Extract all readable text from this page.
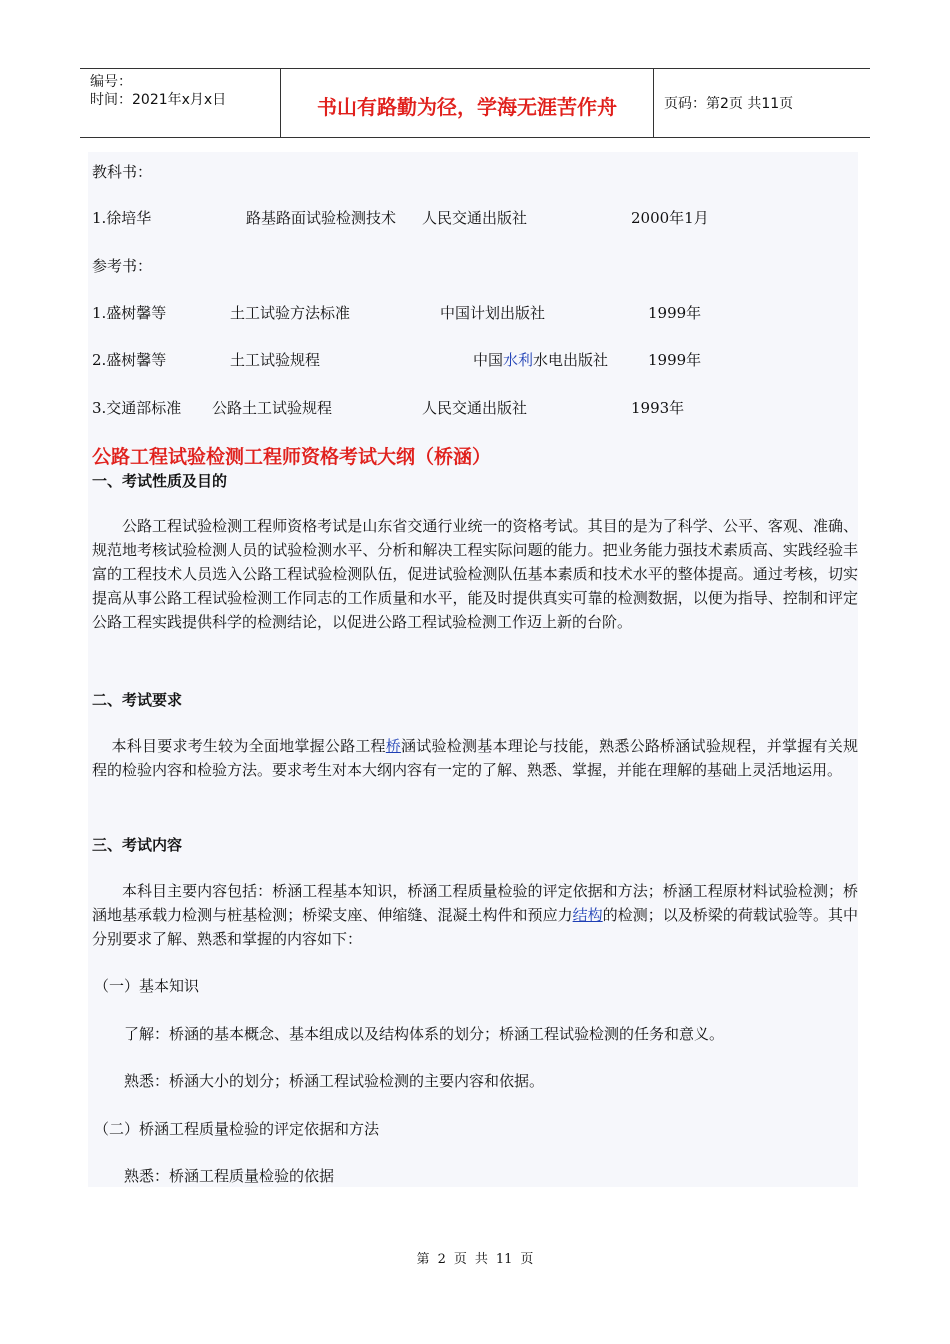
编号：
时间：2021年x月x日	书山有路勤为径，学海无涯苦作舟	页码：第2页 共11页
教科书：
1.徐培华	路基路面试验检测技术 人民交通出版社	2000年1月
参考书：
1.盛树馨等	土工试验方法标准	中国计划出版社	1999年
2.盛树馨等	土工试验规程	中国水利水电出版社	1999年
3.交通部标准 公路土工试验规程	人民交通出版社	1993年
公路工程试验检测工程师资格考试大纲（桥涵）
一、考试性质及目的
公路工程试验检测工程师资格考试是山东省交通行业统一的资格考试。其目的是为了科学、公平、客观、准确、规范地考核试验检测人员的试验检测水平、分析和解决工程实际问题的能力。把业务能力强技术素质高、实践经验丰富的工程技术人员选入公路工程试验检测队伍，促进试验检测队伍基本素质和技术水平的整体提高。通过考核，切实提高从事公路工程试验检测工作同志的工作质量和水平，能及时提供真实可靠的检测数据，以便为指导、控制和评定公路工程实践提供科学的检测结论，以促进公路工程试验检测工作迈上新的台阶。
二、考试要求
本科目要求考生较为全面地掌握公路工程桥涵试验检测基本理论与技能，熟悉公路桥涵试验规程，并掌握有关规程的检验内容和检验方法。要求考生对本大纲内容有一定的了解、熟悉、掌握，并能在理解的基础上灵活地运用。
三、考试内容
本科目主要内容包括：桥涵工程基本知识，桥涵工程质量检验的评定依据和方法；桥涵工程原材料试验检测；桥涵地基承载力检测与桩基检测；桥梁支座、伸缩缝、混凝土构件和预应力结构的检测；以及桥梁的荷载试验等。其中分别要求了解、熟悉和掌握的内容如下：
（一）基本知识
了解：桥涵的基本概念、基本组成以及结构体系的划分；桥涵工程试验检测的任务和意义。
熟悉：桥涵大小的划分；桥涵工程试验检测的主要内容和依据。
（二）桥涵工程质量检验的评定依据和方法
熟悉：桥涵工程质量检验的依据
第 2 页 共 11 页
